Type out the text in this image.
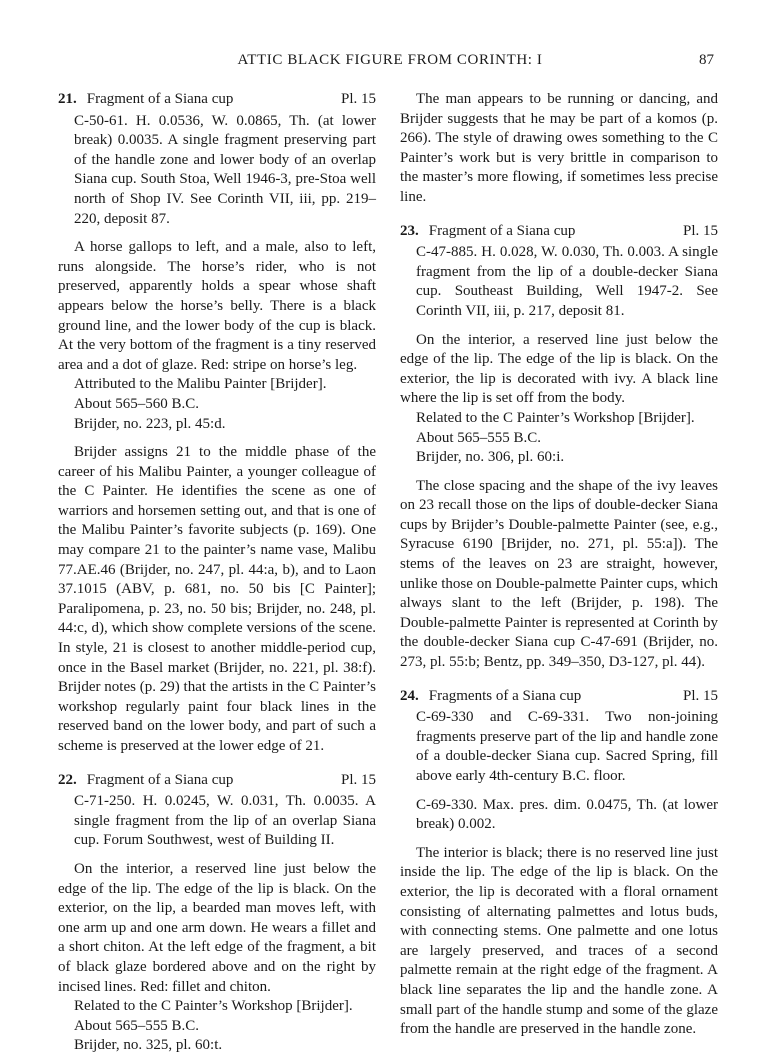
ATTIC BLACK FIGURE FROM CORINTH: I	87
21. Fragment of a Siana cup	Pl. 15

C-50-61. H. 0.0536, W. 0.0865, Th. (at lower break) 0.0035. A single fragment preserving part of the handle zone and lower body of an overlap Siana cup. South Stoa, Well 1946-3, pre-Stoa well north of Shop IV. See Corinth VII, iii, pp. 219–220, deposit 87.

A horse gallops to left, and a male, also to left, runs alongside. The horse’s rider, who is not preserved, apparently holds a spear whose shaft appears below the horse’s belly. There is a black ground line, and the lower body of the cup is black. At the very bottom of the fragment is a tiny reserved area and a dot of glaze. Red: stripe on horse’s leg.

Attributed to the Malibu Painter [Brijder].

About 565–560 B.C.

Brijder, no. 223, pl. 45:d.

Brijder assigns 21 to the middle phase of the career of his Malibu Painter, a younger colleague of the C Painter. He identifies the scene as one of warriors and horsemen setting out, and that is one of the Malibu Painter’s favorite subjects (p. 169). One may compare 21 to the painter’s name vase, Malibu 77.AE.46 (Brijder, no. 247, pl. 44:a, b), and to Laon 37.1015 (ABV, p. 681, no. 50 bis [C Painter]; Paralipomena, p. 23, no. 50 bis; Brijder, no. 248, pl. 44:c, d), which show complete versions of the scene. In style, 21 is closest to another middle-period cup, once in the Basel market (Brijder, no. 221, pl. 38:f). Brijder notes (p. 29) that the artists in the C Painter’s workshop regularly paint four black lines in the reserved band on the lower body, and part of such a scheme is preserved at the lower edge of 21.

22. Fragment of a Siana cup	Pl. 15

C-71-250. H. 0.0245, W. 0.031, Th. 0.0035. A single fragment from the lip of an overlap Siana cup. Forum Southwest, west of Building II.

On the interior, a reserved line just below the edge of the lip. The edge of the lip is black. On the exterior, on the lip, a bearded man moves left, with one arm up and one arm down. He wears a fillet and a short chiton. At the left edge of the fragment, a bit of black glaze bordered above and on the right by incised lines. Red: fillet and chiton.

Related to the C Painter’s Workshop [Brijder].

About 565–555 B.C.

Brijder, no. 325, pl. 60:t.

The man appears to be running or dancing, and Brijder suggests that he may be part of a komos (p. 266). The style of drawing owes something to the C Painter’s work but is very brittle in comparison to the master’s more flowing, if sometimes less precise line.

23. Fragment of a Siana cup	Pl. 15

C-47-885. H. 0.028, W. 0.030, Th. 0.003. A single fragment from the lip of a double-decker Siana cup. Southeast Building, Well 1947-2. See Corinth VII, iii, p. 217, deposit 81.

On the interior, a reserved line just below the edge of the lip. The edge of the lip is black. On the exterior, the lip is decorated with ivy. A black line where the lip is set off from the body.

Related to the C Painter’s Workshop [Brijder].

About 565–555 B.C.

Brijder, no. 306, pl. 60:i.

The close spacing and the shape of the ivy leaves on 23 recall those on the lips of double-decker Siana cups by Brijder’s Double-palmette Painter (see, e.g., Syracuse 6190 [Brijder, no. 271, pl. 55:a]). The stems of the leaves on 23 are straight, however, unlike those on Double-palmette Painter cups, which always slant to the left (Brijder, p. 198). The Double-palmette Painter is represented at Corinth by the double-decker Siana cup C-47-691 (Brijder, no. 273, pl. 55:b; Bentz, pp. 349–350, D3-127, pl. 44).

24. Fragments of a Siana cup	Pl. 15

C-69-330 and C-69-331. Two non-joining fragments preserve part of the lip and handle zone of a double-decker Siana cup. Sacred Spring, fill above early 4th-century B.C. floor.

C-69-330. Max. pres. dim. 0.0475, Th. (at lower break) 0.002.

The interior is black; there is no reserved line just inside the lip. The edge of the lip is black. On the exterior, the lip is decorated with a floral ornament consisting of alternating palmettes and lotus buds, with connecting stems. One palmette and one lotus are largely preserved, and traces of a second palmette remain at the right edge of the fragment. A black line separates the lip and the handle zone. A small part of the handle stump and some of the glaze from the handle are preserved in the handle zone.
